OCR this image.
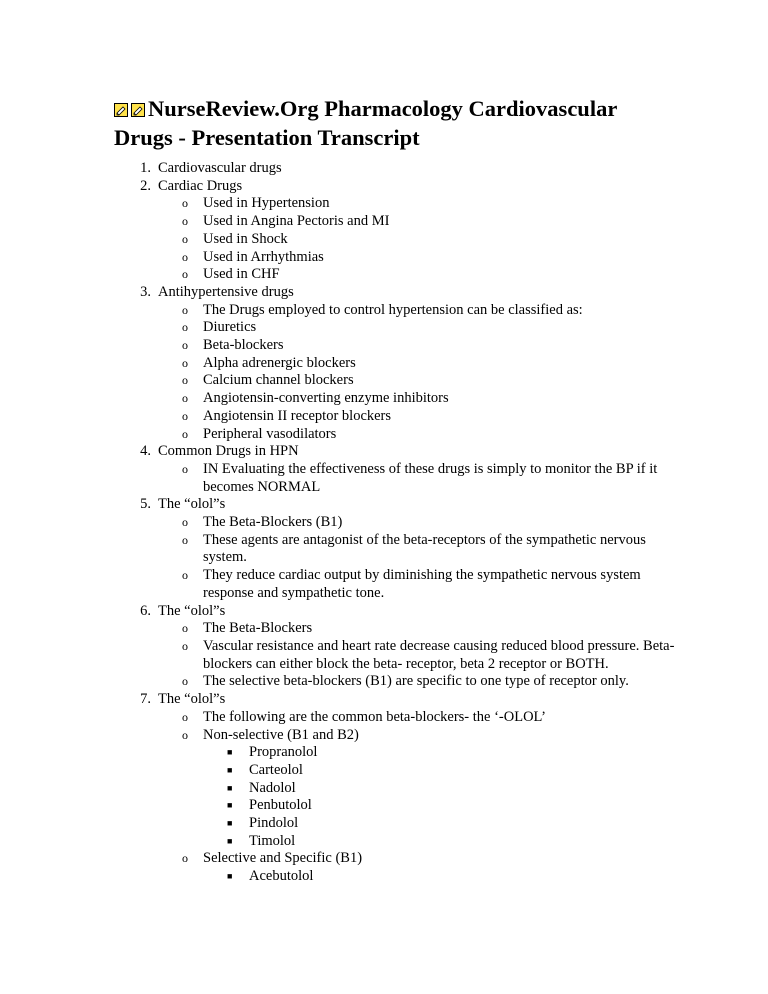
NurseReview.Org Pharmacology Cardiovascular Drugs - Presentation Transcript
1. Cardiovascular drugs
2. Cardiac Drugs
o	Used in Hypertension
o	Used in Angina Pectoris and MI
o	Used in Shock
o	Used in Arrhythmias
o	Used in CHF
3. Antihypertensive drugs
o	The Drugs employed to control hypertension can be classified as:
o	Diuretics
o	Beta-blockers
o	Alpha adrenergic blockers
o	Calcium channel blockers
o	Angiotensin-converting enzyme inhibitors
o	Angiotensin II receptor blockers
o	Peripheral vasodilators
4. Common Drugs in HPN
o	IN Evaluating the effectiveness of these drugs is simply to monitor the BP if it becomes NORMAL
5. The “olol”s
o	The Beta-Blockers (B1)
o	These agents are antagonist of the beta-receptors of the sympathetic nervous system.
o	They reduce cardiac output by diminishing the sympathetic nervous system response and sympathetic tone.
6. The “olol”s
o	The Beta-Blockers
o	Vascular resistance and heart rate decrease causing reduced blood pressure. Beta-blockers can either block the beta- receptor, beta 2 receptor or BOTH.
o	The selective beta-blockers (B1) are specific to one type of receptor only.
7. The “olol”s
o	The following are the common beta-blockers- the ‘-OLOL’
o	Non-selective (B1 and B2)
■	Propranolol
■	Carteolol
■	Nadolol
■	Penbutolol
■	Pindolol
■	Timolol
o	Selective and Specific (B1)
■	Acebutolol
